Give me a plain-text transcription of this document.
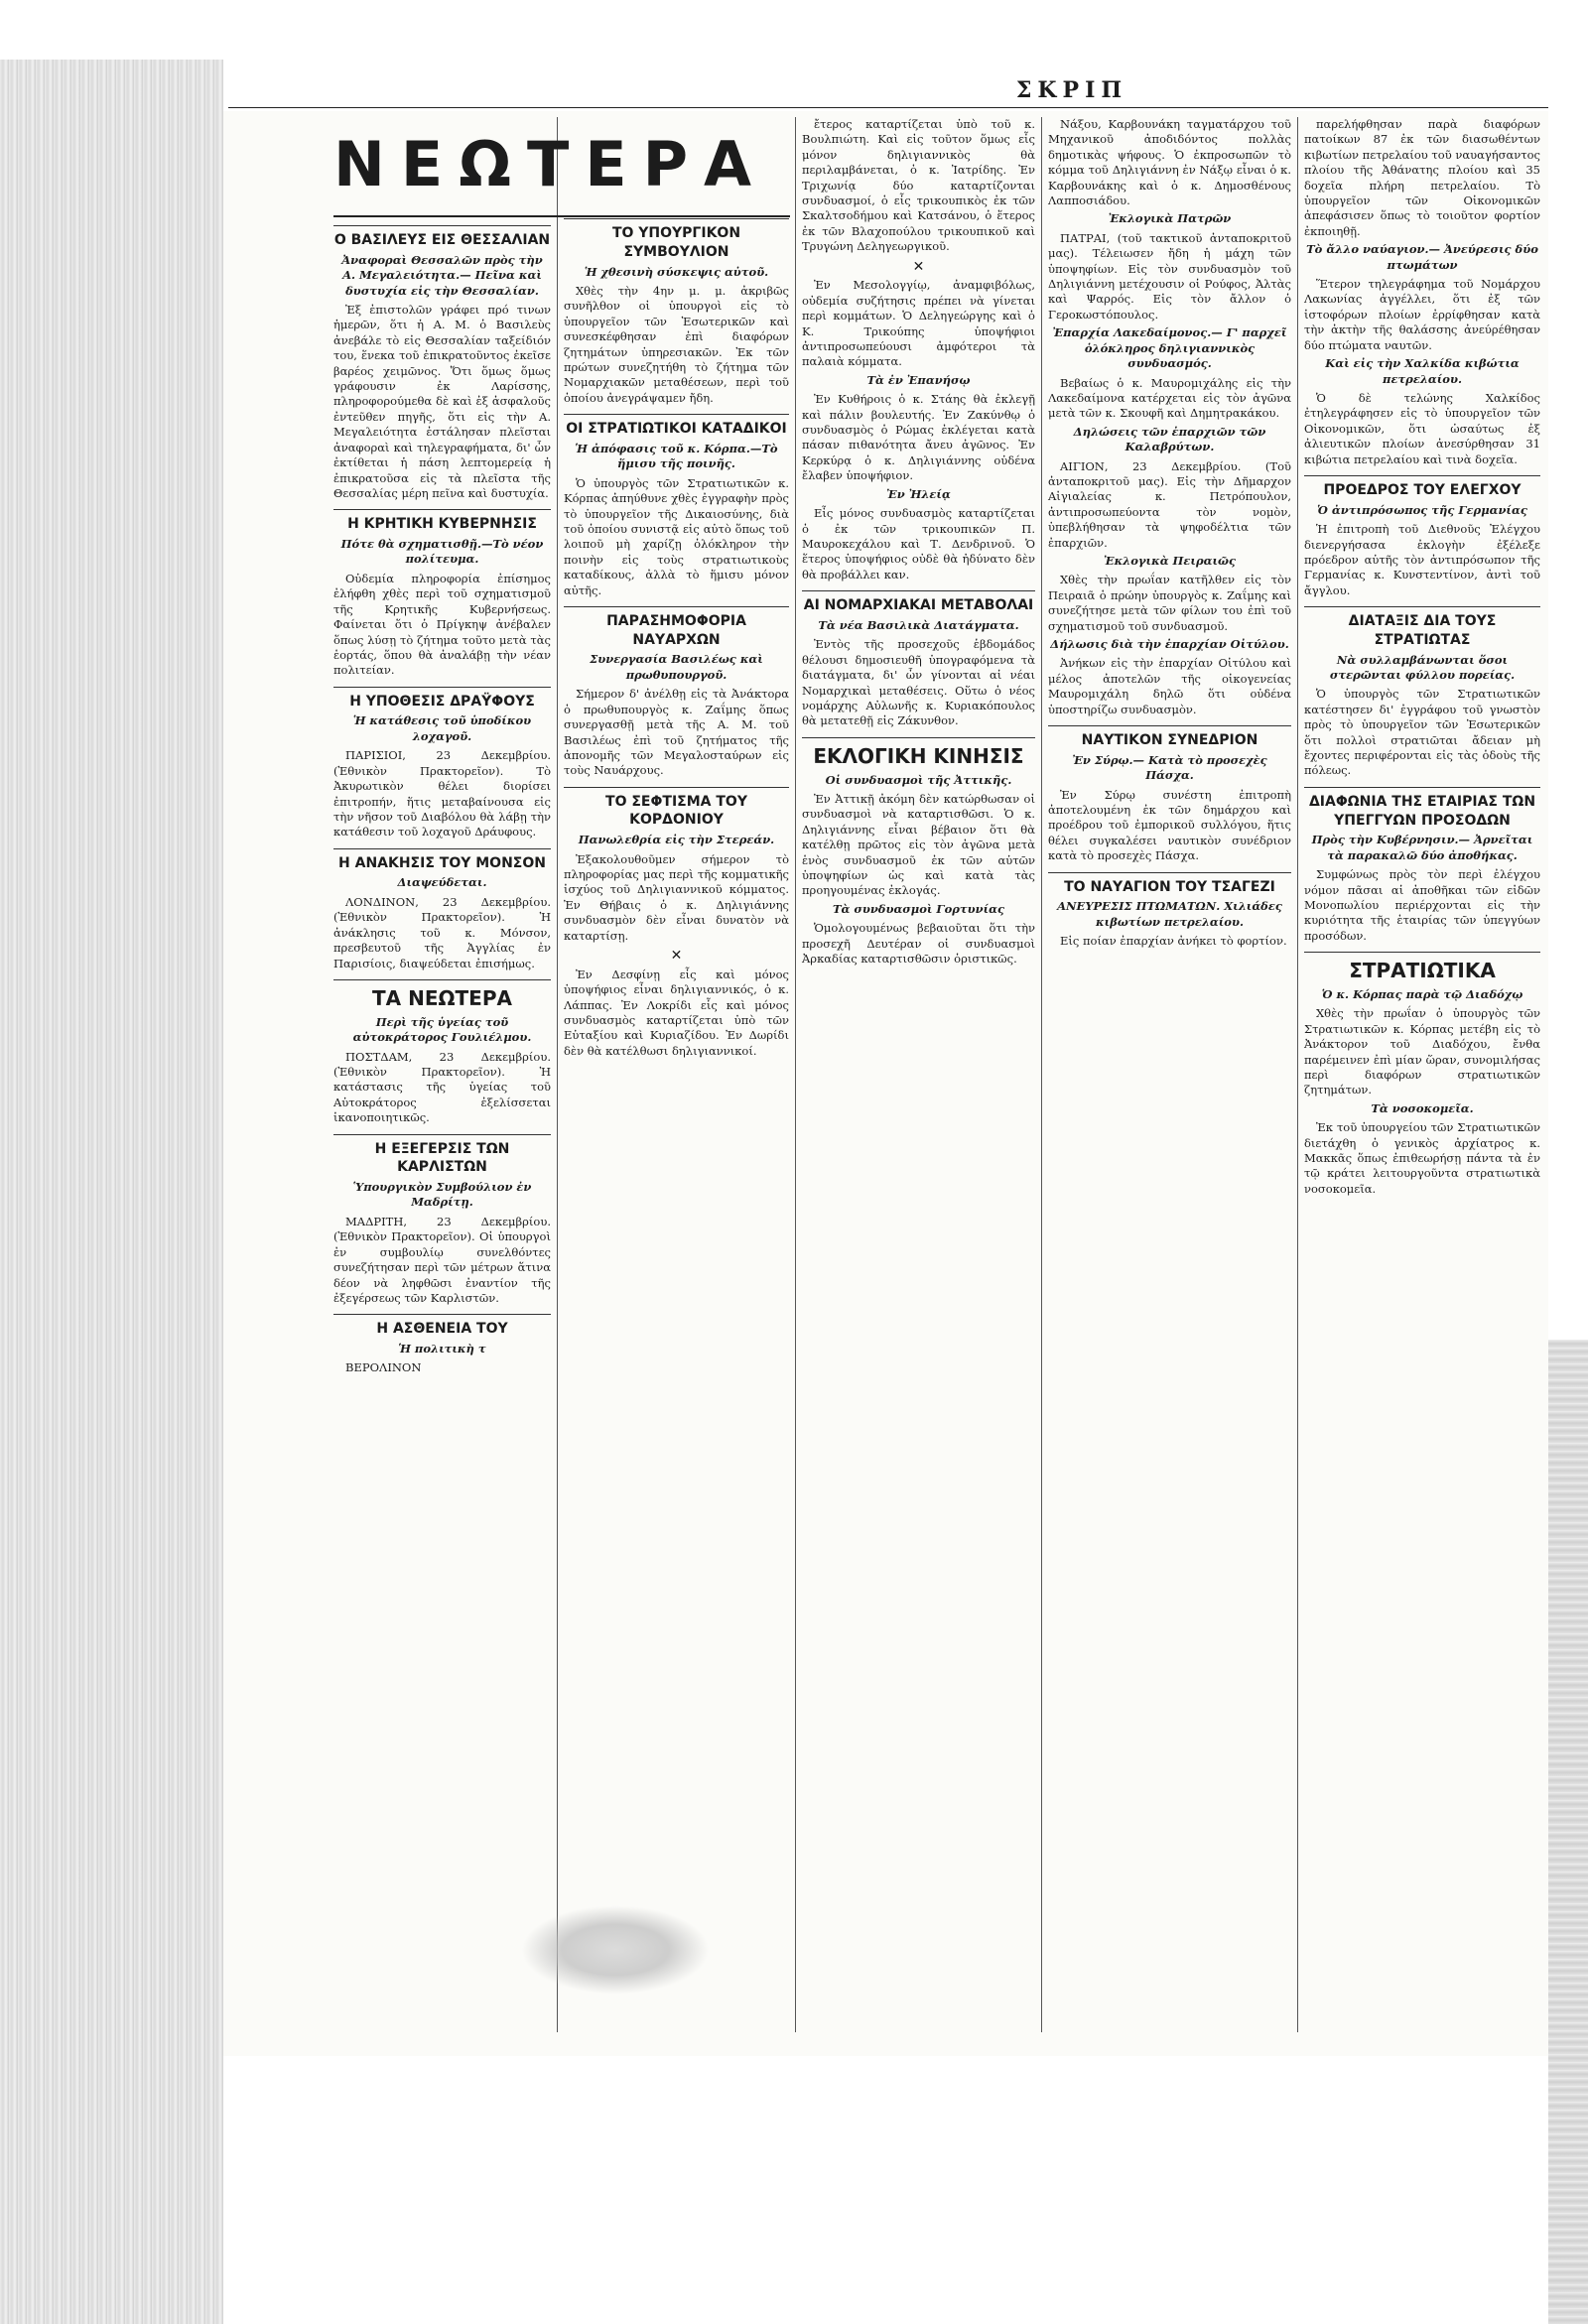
ΣΚΡΙΠ
ΝΕΩΤΕΡΑ
Ο ΒΑΣΙΛΕΥΣ ΕΙΣ ΘΕΣΣΑΛΙΑΝ
Ἀναφοραὶ Θεσσαλῶν πρὸς τὴν Α. Μεγαλειότητα.— Πεῖνα καὶ δυστυχία εἰς τὴν Θεσσαλίαν.

Ἐξ ἐπιστολῶν γράφει πρό τινων ἡμερῶν, ὅτι ἡ Α. Μ. ὁ Βασιλεὺς ἀνεβάλε τὸ εἰς Θεσσαλίαν ταξείδιόν του, ἕνεκα τοῦ ἐπικρατοῦντος ἐκεῖσε βαρέος χειμῶνος. Ὅτι ὅμως ὅμως γράφουσιν ἐκ Λαρίσσης, πληροφορούμεθα δὲ καὶ ἐξ ἀσφαλοῦς ἐντεῦθεν πηγῆς, ὅτι εἰς τὴν Α. Μεγαλειότητα ἐστάλησαν πλεῖσται ἀναφοραὶ καὶ τηλεγραφήματα, δι' ὧν ἐκτίθεται ἡ πάση λεπτομερείᾳ ἡ ἐπικρατοῦσα εἰς τὰ πλεῖστα τῆς Θεσσαλίας μέρη πεῖνα καὶ δυστυχία.

Η ΚΡΗΤΙΚΗ ΚΥΒΕΡΝΗΣΙΣ
Πότε θὰ σχηματισθῇ.—Τὸ νέον πολίτευμα.

Οὐδεμία πληροφορία ἐπίσημος ἐλήφθη χθὲς περὶ τοῦ σχηματισμοῦ τῆς Κρητικῆς Κυβερνήσεως. Φαίνεται ὅτι ὁ Πρίγκηψ ἀνέβαλεν ὅπως λύσῃ τὸ ζήτημα τοῦτο μετὰ τὰς ἑορτάς, ὅπου θὰ ἀναλάβῃ τὴν νέαν πολιτείαν.

Η ΥΠΟΘΕΣΙΣ ΔΡΑΫΦΟΥΣ
Ἡ κατάθεσις τοῦ ὑποδίκου λοχαγοῦ.

ΠΑΡΙΣΙΟΙ, 23 Δεκεμβρίου. (Ἐθνικὸν Πρακτορεῖον). Τὸ Ἀκυρωτικὸν θέλει διορίσει ἐπιτροπήν, ἥτις μεταβαίνουσα εἰς τὴν νῆσον τοῦ Διαβόλου θὰ λάβῃ τὴν κατάθεσιν τοῦ λοχαγοῦ Δράυφους.

Η ΑΝΑΚΗΣΙΣ ΤΟΥ ΜΟΝΣΟΝ
Διαψεύδεται.

ΛΟΝΔΙΝΟΝ, 23 Δεκεμβρίου. (Ἐθνικὸν Πρακτορεῖον). Ἡ ἀνάκλησις τοῦ κ. Μόνσον, πρεσβευτοῦ τῆς Ἀγγλίας ἐν Παρισίοις, διαψεύδεται ἐπισήμως.

ΤΑ ΝΕΩΤΕΡΑ
Περὶ τῆς ὑγείας τοῦ αὐτοκράτορος Γουλιέλμου.

ΠΟΣΤΔΑΜ, 23 Δεκεμβρίου. (Ἐθνικὸν Πρακτορεῖον). Ἡ κατάστασις τῆς ὑγείας τοῦ Αὐτοκράτορος ἐξελίσσεται ἱκανοποιητικῶς.

Η ΕΞΕΓΕΡΣΙΣ ΤΩΝ ΚΑΡΛΙΣΤΩΝ
Ὑπουργικὸν Συμβούλιον ἐν Μαδρίτῃ.

ΜΑΔΡΙΤΗ, 23 Δεκεμβρίου. (Ἐθνικὸν Πρακτορεῖον). Οἱ ὑπουργοὶ ἐν συμβουλίῳ συνελθόντες συνεζήτησαν περὶ τῶν μέτρων ἅτινα δέον νὰ ληφθῶσι ἐναντίον τῆς ἐξεγέρσεως τῶν Καρλιστῶν.

Η ΑΣΘΕΝΕΙΑ ΤΟΥ
Ἡ πολιτικὴ τ

ΒΕΡΟΛΙΝΟΝ

ΤΟ ΥΠΟΥΡΓΙΚΟΝ ΣΥΜΒΟΥΛΙΟΝ
Ἡ χθεσινὴ σύσκεψις αὐτοῦ.

Χθὲς τὴν 4ην μ. μ. ἀκριβῶς συνῆλθον οἱ ὑπουργοὶ εἰς τὸ ὑπουργεῖον τῶν Ἐσωτερικῶν καὶ συνεσκέφθησαν ἐπὶ διαφόρων ζητημάτων ὑπηρεσιακῶν. Ἐκ τῶν πρώτων συνεζητήθη τὸ ζήτημα τῶν Νομαρχιακῶν μεταθέσεων, περὶ τοῦ ὁποίου ἀνεγράψαμεν ἤδη.

ΟΙ ΣΤΡΑΤΙΩΤΙΚΟΙ ΚΑΤΑΔΙΚΟΙ
Ἡ ἀπόφασις τοῦ κ. Κόρπα.—Τὸ ἥμισυ τῆς ποινῆς.

Ὁ ὑπουργὸς τῶν Στρατιωτικῶν κ. Κόρπας ἀπηύθυνε χθὲς ἐγγραφὴν πρὸς τὸ ὑπουργεῖον τῆς Δικαιοσύνης, διὰ τοῦ ὁποίου συνιστᾷ εἰς αὐτὸ ὅπως τοῦ λοιποῦ μὴ χαρίζῃ ὁλόκληρον τὴν ποινὴν εἰς τοὺς στρατιωτικοὺς καταδίκους, ἀλλὰ τὸ ἥμισυ μόνον αὐτῆς.

ΠΑΡΑΣΗΜΟΦΟΡΙΑ ΝΑΥΑΡΧΩΝ
Συνεργασία Βασιλέως καὶ πρωθυπουργοῦ.

Σήμερον δ' ἀνέλθῃ εἰς τὰ Ἀνάκτορα ὁ πρωθυπουργὸς κ. Ζαΐμης ὅπως συνεργασθῇ μετὰ τῆς Α. Μ. τοῦ Βασιλέως ἐπὶ τοῦ ζητήματος τῆς ἀπονομῆς τῶν Μεγαλοσταύρων εἰς τοὺς Ναυάρχους.

ΤΟ ΣΕΦΤΙΣΜΑ ΤΟΥ ΚΟΡΔΟΝΙΟΥ
Πανωλεθρία εἰς τὴν Στερεάν.

Ἐξακολουθοῦμεν σήμερον τὸ πληροφορίας μας περὶ τῆς κομματικῆς ἰσχύος τοῦ Δηλιγιαννικοῦ κόμματος. Ἐν Θήβαις ὁ κ. Δηλιγιάννης συνδυασμὸν δὲν εἶναι δυνατὸν νὰ καταρτίσῃ.

✕

Ἐν Δεσφίνῃ εἷς καὶ μόνος ὑποψήφιος εἶναι δηλιγιαννικός, ὁ κ. Λάππας. Ἐν Λοκρίδι εἷς καὶ μόνος συνδυασμὸς καταρτίζεται ὑπὸ τῶν Εὐταξίου καὶ Κυριαζίδου. Ἐν Δωρίδι δὲν θὰ κατέλθωσι δηλιγιαννικοί.

ἔτερος καταρτίζεται ὑπὸ τοῦ κ. Βουλπιώτη. Καὶ εἰς τοῦτον ὅμως εἷς μόνον δηλιγιαννικὸς θὰ περιλαμβάνεται, ὁ κ. Ἰατρίδης. Ἐν Τριχωνίᾳ δύο καταρτίζονται συνδυασμοί, ὁ εἷς τρικουπικὸς ἐκ τῶν Σκαλτσοδήμου καὶ Κατσάνου, ὁ ἕτερος ἐκ τῶν Βλαχοπούλου τρικουπικοῦ καὶ Τρυγώνη Δεληγεωργικοῦ.

✕

Ἐν Μεσολογγίῳ, ἀναμφιβόλως, οὐδεμία συζήτησις πρέπει νὰ γίνεται περὶ κομμάτων. Ὁ Δεληγεώργης καὶ ὁ Κ. Τρικούπης ὑποψήφιοι ἀντιπροσωπεύουσι ἀμφότεροι τὰ παλαιὰ κόμματα.

Τὰ ἐν Ἐπανήσῳ

Ἐν Κυθήροις ὁ κ. Στάης θὰ ἐκλεγῇ καὶ πάλιν βουλευτής. Ἐν Ζακύνθῳ ὁ συνδυασμὸς ὁ Ρώμας ἐκλέγεται κατὰ πάσαν πιθανότητα ἄνευ ἀγῶνος. Ἐν Κερκύρᾳ ὁ κ. Δηλιγιάννης οὐδένα ἔλαβεν ὑποψήφιον.

Ἐν Ἠλείᾳ

Εἷς μόνος συνδυασμὸς καταρτίζεται ὁ ἐκ τῶν τρικουπικῶν Π. Μαυροκεχάλου καὶ Τ. Δενδρινοῦ. Ὁ ἕτερος ὑποψήφιος οὐδὲ θὰ ἠδύνατο δὲν θὰ προβάλλει καν.

ΑΙ ΝΟΜΑΡΧΙΑΚΑΙ ΜΕΤΑΒΟΛΑΙ
Τὰ νέα Βασιλικὰ Διατάγματα.

Ἐντὸς τῆς προσεχοῦς ἑβδομάδος θέλουσι δημοσιευθῆ ὑπογραφόμενα τὰ διατάγματα, δι' ὧν γίνονται αἱ νέαι Νομαρχικαὶ μεταθέσεις. Οὕτω ὁ νέος νομάρχης Αὐλωνῆς κ. Κυριακόπουλος θὰ μετατεθῇ εἰς Ζάκυνθον.

ΕΚΛΟΓΙΚΗ ΚΙΝΗΣΙΣ
Οἱ συνδυασμοὶ τῆς Ἀττικῆς.

Ἐν Ἀττικῇ ἀκόμη δὲν κατώρθωσαν οἱ συνδυασμοὶ νὰ καταρτισθῶσι. Ὁ κ. Δηλιγιάννης εἶναι βέβαιον ὅτι θὰ κατέλθῃ πρῶτος εἰς τὸν ἀγῶνα μετὰ ἑνὸς συνδυασμοῦ ἐκ τῶν αὐτῶν ὑποψηφίων ὡς καὶ κατὰ τὰς προηγουμένας ἐκλογάς.

Τὰ συνδυασμοὶ Γορτυνίας

Ὁμολογουμένως βεβαιοῦται ὅτι τὴν προσεχῆ Δευτέραν οἱ συνδυασμοὶ Ἀρκαδίας καταρτισθῶσιν ὁριστικῶς.

Νάξου, Καρβουνάκη ταγματάρχου τοῦ Μηχανικοῦ ἀποδιδόντος πολλὰς δημοτικὰς ψήφους. Ὁ ἐκπροσωπῶν τὸ κόμμα τοῦ Δηλιγιάννη ἐν Νάξῳ εἶναι ὁ κ. Καρβουνάκης καὶ ὁ κ. Δημοσθένους Λαπποσιάδου.

Ἐκλογικὰ Πατρῶν

ΠΑΤΡΑΙ, (τοῦ τακτικοῦ ἀνταποκριτοῦ μας). Τέλειωσεν ἤδη ἡ μάχη τῶν ὑποψηφίων. Εἰς τὸν συνδυασμὸν τοῦ Δηλιγιάννη μετέχουσιν οἱ Ρούφος, Ἀλτὰς καὶ Ψαρρός. Εἰς τὸν ἄλλον ὁ Γεροκωστόπουλος.

Ἐπαρχία Λακεδαίμονος.— Γ' παρχεῖ ὁλόκληρος δηλιγιαννικὸς συνδυασμός.

Βεβαίως ὁ κ. Μαυρομιχάλης εἰς τὴν Λακεδαίμονα κατέρχεται εἰς τὸν ἀγῶνα μετὰ τῶν κ. Σκουφῆ καὶ Δημητρακάκου.

Δηλώσεις τῶν ἐπαρχιῶν τῶν Καλαβρύτων.

ΑΙΓΙΟΝ, 23 Δεκεμβρίου. (Τοῦ ἀνταποκριτοῦ μας). Εἰς τὴν Δῆμαρχον Αἰγιαλείας κ. Πετρόπουλον, ἀντιπροσωπεύοντα τὸν νομὸν, ὑπεβλήθησαν τὰ ψηφοδέλτια τῶν ἐπαρχιῶν.

Ἐκλογικὰ Πειραιῶς

Χθὲς τὴν πρωΐαν κατῆλθεν εἰς τὸν Πειραιᾶ ὁ πρώην ὑπουργὸς κ. Ζαΐμης καὶ συνεζήτησε μετὰ τῶν φίλων του ἐπὶ τοῦ σχηματισμοῦ τοῦ συνδυασμοῦ.

Δήλωσις διὰ τὴν ἐπαρχίαν Οἰτύλου.

Ἀνήκων εἰς τὴν ἐπαρχίαν Οἰτύλου καὶ μέλος ἀποτελῶν τῆς οἰκογενείας Μαυρομιχάλη δηλῶ ὅτι οὐδένα ὑποστηρίζω συνδυασμὸν.

ΝΑΥΤΙΚΟΝ ΣΥΝΕΔΡΙΟΝ
Ἐν Σύρῳ.— Κατὰ τὸ προσεχὲς Πάσχα.

Ἐν Σύρῳ συνέστη ἐπιτροπὴ ἀποτελουμένη ἐκ τῶν δημάρχου καὶ προέδρου τοῦ ἐμπορικοῦ συλλόγου, ἥτις θέλει συγκαλέσει ναυτικὸν συνέδριον κατὰ τὸ προσεχὲς Πάσχα.

ΤΟ ΝΑΥΑΓΙΟΝ ΤΟΥ ΤΣΑΓΕΖΙ
ΑΝΕΥΡΕΣΙΣ ΠΤΩΜΑΤΩΝ. Χιλιάδες κιβωτίων πετρελαίου.

Εἰς ποίαν ἐπαρχίαν ἀνήκει τὸ φορτίον.

παρελήφθησαν παρὰ διαφόρων πατοίκων 87 ἐκ τῶν διασωθέντων κιβωτίων πετρελαίου τοῦ ναυαγήσαντος πλοίου τῆς Ἀθάνατης πλοίου καὶ 35 δοχεῖα πλήρη πετρελαίου. Τὸ ὑπουργεῖον τῶν Οἰκονομικῶν ἀπεφάσισεν ὅπως τὸ τοιοῦτον φορτίον ἐκποιηθῇ.

Τὸ ἄλλο ναύαγιον.— Ἀνεύρεσις δύο πτωμάτων

Ἕτερον τηλεγράφημα τοῦ Νομάρχου Λακωνίας ἀγγέλλει, ὅτι ἐξ τῶν ἰστοφόρων πλοίων ἐρρίφθησαν κατὰ τὴν ἀκτὴν τῆς θαλάσσης ἀνεύρέθησαν δύο πτώματα ναυτῶν.

Καὶ εἰς τὴν Χαλκίδα κιβώτια πετρελαίου.

Ὁ δὲ τελώνης Χαλκίδος ἐτηλεγράφησεν εἰς τὸ ὑπουργεῖον τῶν Οἰκονομικῶν, ὅτι ὡσαύτως ἐξ ἀλιευτικῶν πλοίων ἀνεσύρθησαν 31 κιβώτια πετρελαίου καὶ τινὰ δοχεῖα.

ΠΡΟΕΔΡΟΣ ΤΟΥ ΕΛΕΓΧΟΥ
Ὁ ἀντιπρόσωπος τῆς Γερμανίας

Ἡ ἐπιτροπὴ τοῦ Διεθνοῦς Ἐλέγχου διενεργήσασα ἐκλογὴν ἐξέλεξε πρόεδρον αὐτῆς τὸν ἀντιπρόσωπον τῆς Γερμανίας κ. Κυνστεντίνον, ἀντὶ τοῦ ἄγγλου.

ΔΙΑΤΑΞΙΣ ΔΙΑ ΤΟΥΣ ΣΤΡΑΤΙΩΤΑΣ
Νὰ συλλαμβάνωνται ὅσοι στερῶνται φύλλου πορείας.

Ὁ ὑπουργὸς τῶν Στρατιωτικῶν κατέστησεν δι' ἐγγράφου τοῦ γνωστὸν πρὸς τὸ ὑπουργεῖον τῶν Ἐσωτερικῶν ὅτι πολλοὶ στρατιῶται ἄδειαν μὴ ἔχοντες περιφέρονται εἰς τὰς ὁδοὺς τῆς πόλεως.

ΔΙΑΦΩΝΙΑ ΤΗΣ ΕΤΑΙΡΙΑΣ ΤΩΝ ΥΠΕΓΓΥΩΝ ΠΡΟΣΟΔΩΝ
Πρὸς τὴν Κυβέρνησιν.— Ἀρνεῖται τὰ παρακαλῶ δύο ἀποθήκας.

Συμφώνως πρὸς τὸν περὶ ἐλέγχου νόμον πᾶσαι αἱ ἀποθῆκαι τῶν εἰδῶν Μονοπωλίου περιέρχονται εἰς τὴν κυριότητα τῆς ἑταιρίας τῶν ὑπεγγύων προσόδων.

ΣΤΡΑΤΙΩΤΙΚΑ
Ὁ κ. Κόρπας παρὰ τῷ Διαδόχῳ

Χθὲς τὴν πρωΐαν ὁ ὑπουργὸς τῶν Στρατιωτικῶν κ. Κόρπας μετέβη εἰς τὸ Ἀνάκτορον τοῦ Διαδόχου, ἔνθα παρέμεινεν ἐπὶ μίαν ὥραν, συνομιλήσας περὶ διαφόρων στρατιωτικῶν ζητημάτων.

Τὰ νοσοκομεῖα.

Ἐκ τοῦ ὑπουργείου τῶν Στρατιωτικῶν διετάχθη ὁ γενικὸς ἀρχίατρος κ. Μακκᾶς ὅπως ἐπιθεωρήσῃ πάντα τὰ ἐν τῷ κράτει λειτουργοῦντα στρατιωτικὰ νοσοκομεῖα.
